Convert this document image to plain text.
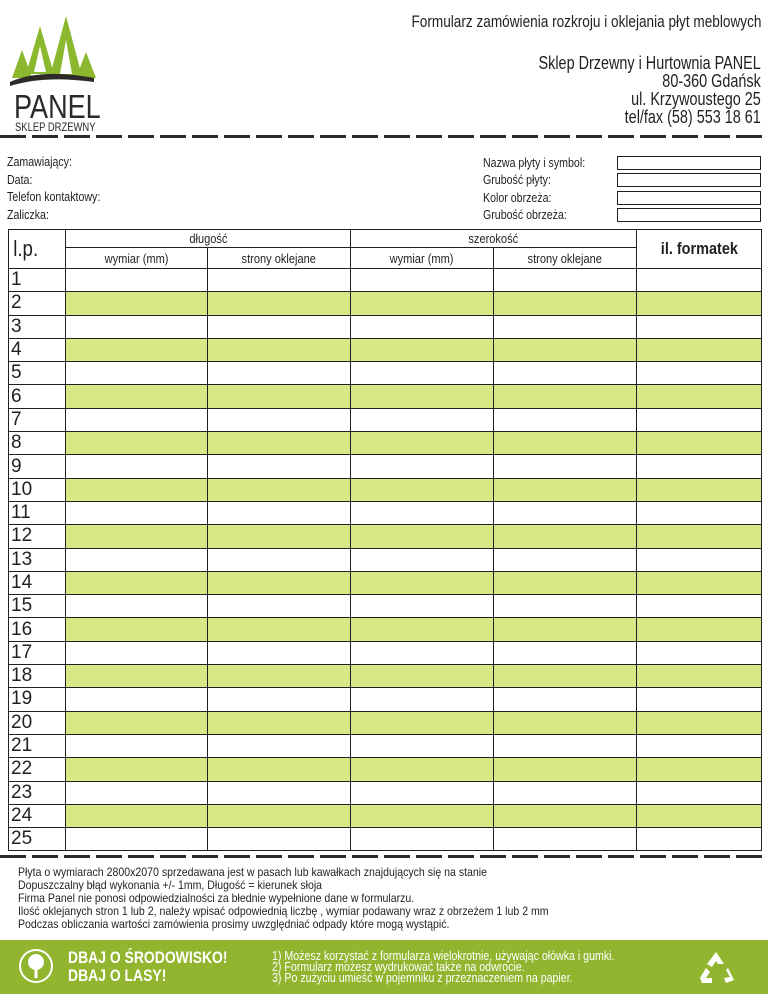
PANEL
SKLEP DRZEWNY
Formularz zamówienia rozkroju i oklejania płyt meblowych
Sklep Drzewny i Hurtownia PANEL
80-360 Gdańsk
ul. Krzywoustego 25
tel/fax (58) 553 18 61
Zamawiający:
Data:
Telefon kontaktowy:
Zaliczka:
Nazwa płyty i symbol:
Grubość płyty:
Kolor obrzeża:
Grubość obrzeża:
l.p.	długość		szerokość		il. formatek
	wymiar (mm)	strony oklejane	wymiar (mm)	strony oklejane	
1					
2					
3					
4					
5					
6					
7					
8					
9					
10					
11					
12					
13					
14					
15					
16					
17					
18					
19					
20					
21					
22					
23					
24					
25					
Płyta o wymiarach 2800x2070 sprzedawana jest w pasach lub kawałkach znajdujących się na stanie
Dopuszczalny błąd wykonania +/- 1mm, Długość = kierunek słoja
Firma Panel nie ponosi odpowiedzialności za błednie wypełnione dane w formularzu.
Ilość oklejanych stron 1 lub 2, należy wpisać odpowiednią liczbę , wymiar podawany wraz z obrzeżem 1 lub 2 mm
Podczas obliczania wartości zamówienia prosimy uwzględniać odpady które mogą wystąpić.
DBAJ O ŚRODOWISKO!
DBAJ O LASY!
1) Możesz korzystać z formularza wielokrotnie, używając ołówka i gumki.
2) Formularz możesz wydrukować także na odwrocie.
3) Po zużyciu umieść w pojemniku z przeznaczeniem na papier.
